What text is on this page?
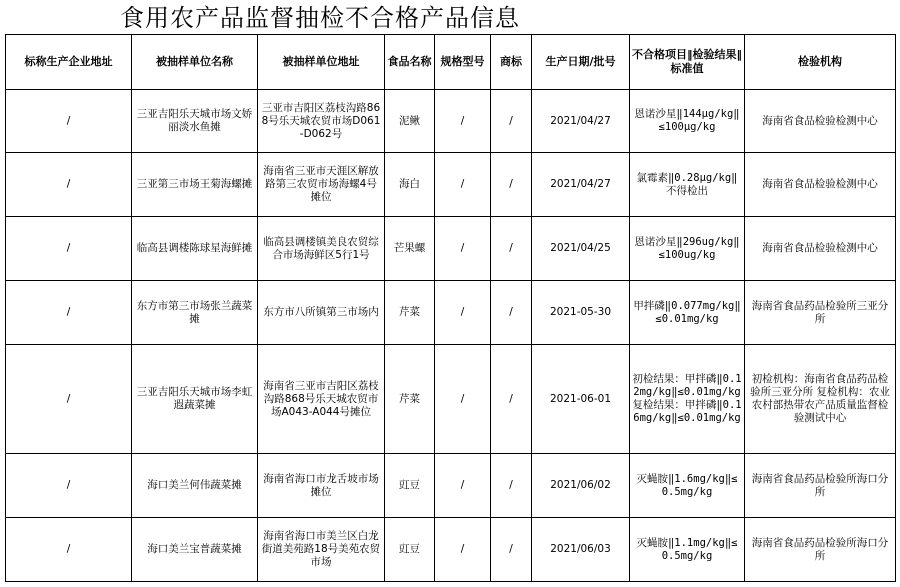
食用农产品监督抽检不合格产品信息
标称生产企业地址	被抽样单位名称	被抽样单位地址	食品名称	规格型号	商标	生产日期/批号	不合格项目‖检验结果‖标准值	检验机构
/	三亚吉阳乐天城市场文娇丽淡水鱼摊	三亚市吉阳区荔枝沟路868号乐天城农贸市场D061-D062号	泥鳅	/	/	2021/04/27	恩诺沙星‖144μg/kg‖≤100μg/kg	海南省食品检验检测中心
/	三亚第三市场王菊海螺摊	海南省三亚市天涯区解放路第三农贸市场海螺4号摊位	海白	/	/	2021/04/27	氯霉素‖0.28μg/kg‖不得检出	海南省食品检验检测中心
/	临高县调楼陈球星海鲜摊	临高县调楼镇美良农贸综合市场海鲜区5行1号	芒果螺	/	/	2021/04/25	恩诺沙星‖296ug/kg‖≤100ug/kg	海南省食品检验检测中心
/	东方市第三市场张兰蔬菜摊	东方市八所镇第三市场内	芹菜	/	/	2021-05-30	甲拌磷‖0.077mg/kg‖≤0.01mg/kg	海南省食品药品检验所三亚分所
/	三亚吉阳乐天城市场李虹遐蔬菜摊	海南省三亚市吉阳区荔枝沟路868号乐天城农贸市场A043-A044号摊位	芹菜	/	/	2021-06-01	初检结果：甲拌磷‖0.12mg/kg‖≤0.01mg/kg 复检结果：甲拌磷‖0.16mg/kg‖≤0.01mg/kg	初检机构：海南省食品药品检验所三亚分所 复检机构：农业农村部热带农产品质量监督检验测试中心
/	海口美兰何伟蔬菜摊	海南省海口市龙舌坡市场摊位	豇豆	/	/	2021/06/02	灭蝇胺‖1.6mg/kg‖≤0.5mg/kg	海南省食品药品检验所海口分所
/	海口美兰宝普蔬菜摊	海南省海口市美兰区白龙街道美苑路18号美苑农贸市场	豇豆	/	/	2021/06/03	灭蝇胺‖1.1mg/kg‖≤0.5mg/kg	海南省食品药品检验所海口分所
